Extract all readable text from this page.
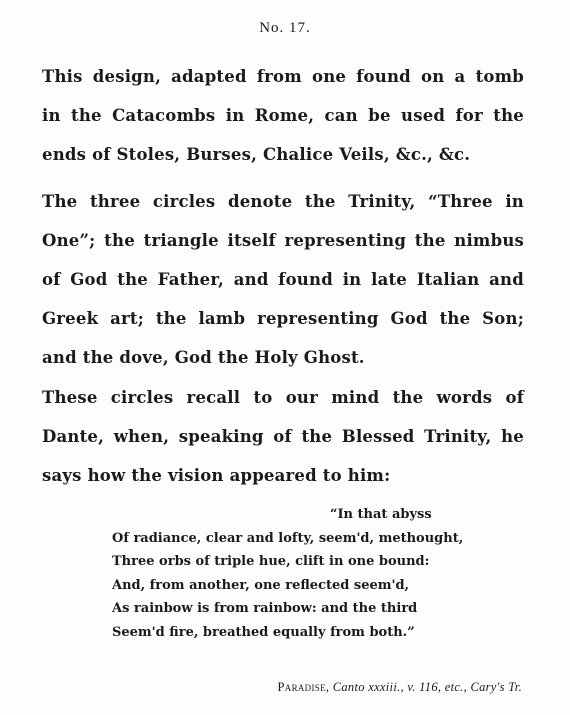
No. 17.
This design, adapted from one found on a tomb
in the Catacombs in Rome, can be used for the
ends of Stoles, Burses, Chalice Veils, &c., &c.
The three circles denote the Trinity, “Three in
One”; the triangle itself representing the nimbus
of God the Father, and found in late Italian and
Greek art; the lamb representing God the Son;
and the dove, God the Holy Ghost.
These circles recall to our mind the words of
Dante, when, speaking of the Blessed Trinity, he
says how the vision appeared to him:
“In that abyss
Of radiance, clear and lofty, seem'd, methought,
Three orbs of triple hue, clift in one bound:
And, from another, one reflected seem'd,
As rainbow is from rainbow: and the third
Seem'd fire, breathed equally from both.”
Paradise, Canto xxxiii., v. 116, etc., Cary's Tr.
